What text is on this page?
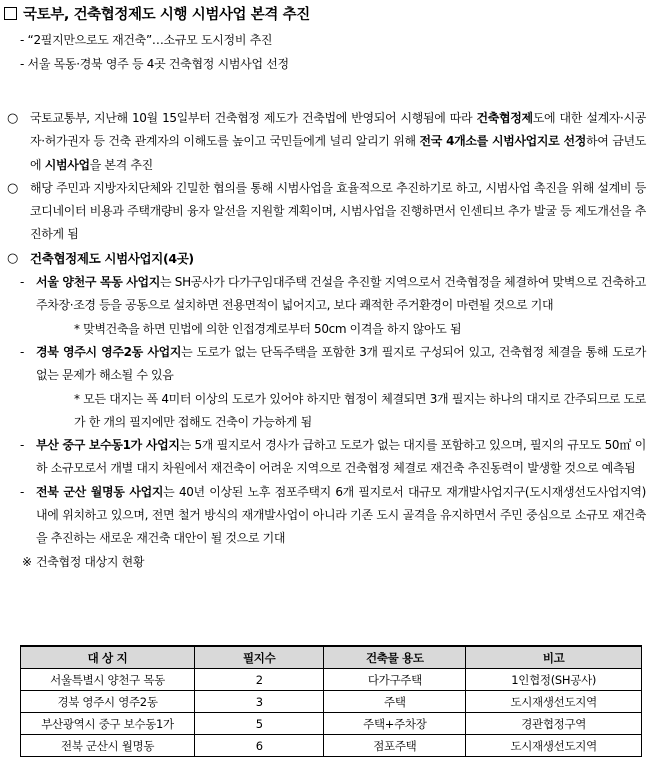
국토부, 건축협정제도 시행 시범사업 본격 추진
- “2필지만으로도 재건축”…소규모 도시정비 추진
- 서울 목동·경북 영주 등 4곳 건축협정 시범사업 선정
○ 국토교통부, 지난해 10월 15일부터 건축협정 제도가 건축법에 반영되어 시행됨에 따라 건축협정제도에 대한 설계자·시공자·허가권자 등 건축 관계자의 이해도를 높이고 국민들에게 널리 알리기 위해 전국 4개소를 시범사업지로 선정하여 금년도에 시범사업을 본격 추진
○ 해당 주민과 지방자치단체와 긴밀한 협의를 통해 시범사업을 효율적으로 추진하기로 하고, 시범사업 촉진을 위해 설계비 등 코디네이터 비용과 주택개량비 융자 알선을 지원할 계획이며, 시범사업을 진행하면서 인센티브 추가 발굴 등 제도개선을 추진하게 됨
○ 건축협정제도 시범사업지(4곳)
- 서울 양천구 목동 사업지는 SH공사가 다가구임대주택 건설을 추진할 지역으로서 건축협정을 체결하여 맞벽으로 건축하고 주차장·조경 등을 공동으로 설치하면 전용면적이 넓어지고, 보다 쾌적한 주거환경이 마련될 것으로 기대
* 맞벽건축을 하면 민법에 의한 인접경계로부터 50cm 이격을 하지 않아도 됨
- 경북 영주시 영주2동 사업지는 도로가 없는 단독주택을 포함한 3개 필지로 구성되어 있고, 건축협정 체결을 통해 도로가 없는 문제가 해소될 수 있음
* 모든 대지는 폭 4미터 이상의 도로가 있어야 하지만 협정이 체결되면 3개 필지는 하나의 대지로 간주되므로 도로가 한 개의 필지에만 접해도 건축이 가능하게 됨
- 부산 중구 보수동1가 사업지는 5개 필지로서 경사가 급하고 도로가 없는 대지를 포함하고 있으며, 필지의 규모도 50㎡ 이하 소규모로서 개별 대지 차원에서 재건축이 어려운 지역으로 건축협정 체결로 재건축 추진동력이 발생할 것으로 예측됨
- 전북 군산 월명동 사업지는 40년 이상된 노후 점포주택지 6개 필지로서 대규모 재개발사업지구(도시재생선도사업지역) 내에 위치하고 있으며, 전면 철거 방식의 재개발사업이 아니라 기존 도시 골격을 유지하면서 주민 중심으로 소규모 재건축을 추진하는 새로운 재건축 대안이 될 것으로 기대
※ 건축협정 대상지 현황
대 상 지	필지수	건축물 용도	비고
서울특별시 양천구 목동	2	다가구주택	1인협정(SH공사)
경북 영주시 영주2동	3	주택	도시재생선도지역
부산광역시 중구 보수동1가	5	주택+주차장	경관협정구역
전북 군산시 월명동	6	점포주택	도시재생선도지역
